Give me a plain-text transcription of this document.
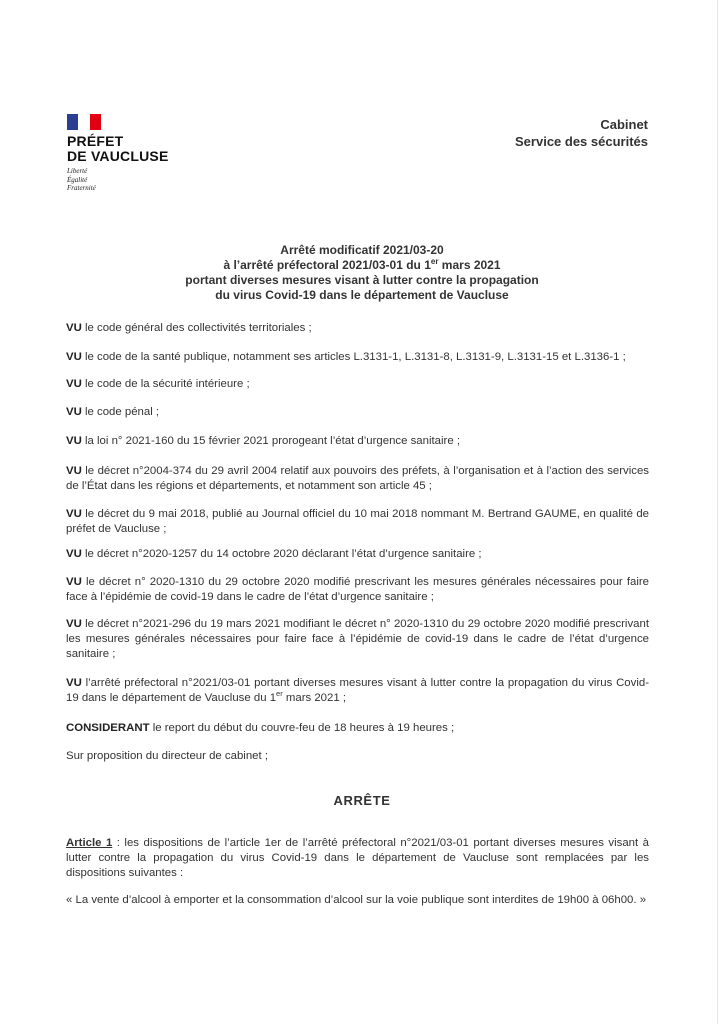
PRÉFET
DE VAUCLUSE
Liberté
Égalité
Fraternité
Cabinet
Service des sécurités
Arrêté modificatif 2021/03-20
à l’arrêté préfectoral 2021/03-01 du 1er mars 2021
portant diverses mesures visant à lutter contre la propagation
du virus Covid-19 dans le département de Vaucluse
VU le code général des collectivités territoriales ;
VU le code de la santé publique, notamment ses articles L.3131-1, L.3131-8, L.3131-9, L.3131-15 et L.3136-1 ;
VU le code de la sécurité intérieure ;
VU le code pénal ;
VU la loi n° 2021-160 du 15 février 2021 prorogeant l’état d’urgence sanitaire ;
VU le décret n°2004-374 du 29 avril 2004 relatif aux pouvoirs des préfets, à l’organisation et à l’action des services de l’État dans les régions et départements, et notamment son article 45 ;
VU le décret du 9 mai 2018, publié au Journal officiel du 10 mai 2018 nommant M. Bertrand GAUME, en qualité de préfet de Vaucluse ;
VU le décret n°2020-1257 du 14 octobre 2020 déclarant l’état d’urgence sanitaire ;
VU le décret n° 2020-1310 du 29 octobre 2020 modifié prescrivant les mesures générales nécessaires pour faire face à l’épidémie de covid-19 dans le cadre de l’état d’urgence sanitaire ;
VU le décret n°2021-296 du 19 mars 2021 modifiant le décret n° 2020-1310 du 29 octobre 2020 modifié prescrivant les mesures générales nécessaires pour faire face à l’épidémie de covid-19 dans le cadre de l’état d’urgence sanitaire ;
VU l’arrêté préfectoral n°2021/03-01 portant diverses mesures visant à lutter contre la propagation du virus Covid-19 dans le département de Vaucluse du 1er mars 2021 ;
CONSIDERANT le report du début du couvre-feu de 18 heures à 19 heures ;
Sur proposition du directeur de cabinet ;
ARRÊTE
Article 1 : les dispositions de l’article 1er de l’arrêté préfectoral n°2021/03-01 portant diverses mesures visant à lutter contre la propagation du virus Covid-19 dans le département de Vaucluse sont remplacées par les dispositions suivantes :
« La vente d’alcool à emporter et la consommation d’alcool sur la voie publique sont interdites de 19h00 à 06h00. »
